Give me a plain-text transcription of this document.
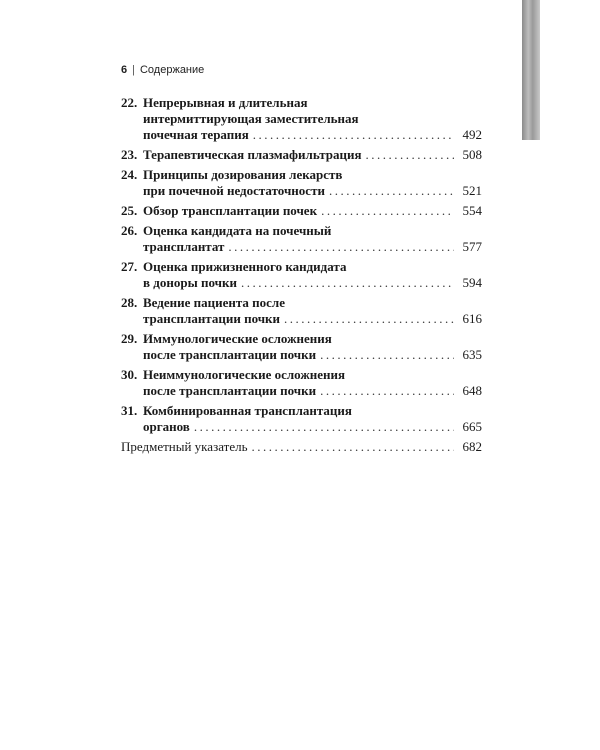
6 | Содержание
22. Непрерывная и длительная
интермиттирующая заместительная
почечная терапия .....	492
23. Терапевтическая плазмафильтрация .....	508
24. Принципы дозирования лекарств
при почечной недостаточности .....	521
25. Обзор трансплантации почек .....	554
26. Оценка кандидата на почечный
трансплантат .....	577
27. Оценка прижизненного кандидата
в доноры почки .....	594
28. Ведение пациента после
трансплантации почки .....	616
29. Иммунологические осложнения
после трансплантации почки .....	635
30. Неиммунологические осложнения
после трансплантации почки .....	648
31. Комбинированная трансплантация
органов .....	665
Предметный указатель .....	682
